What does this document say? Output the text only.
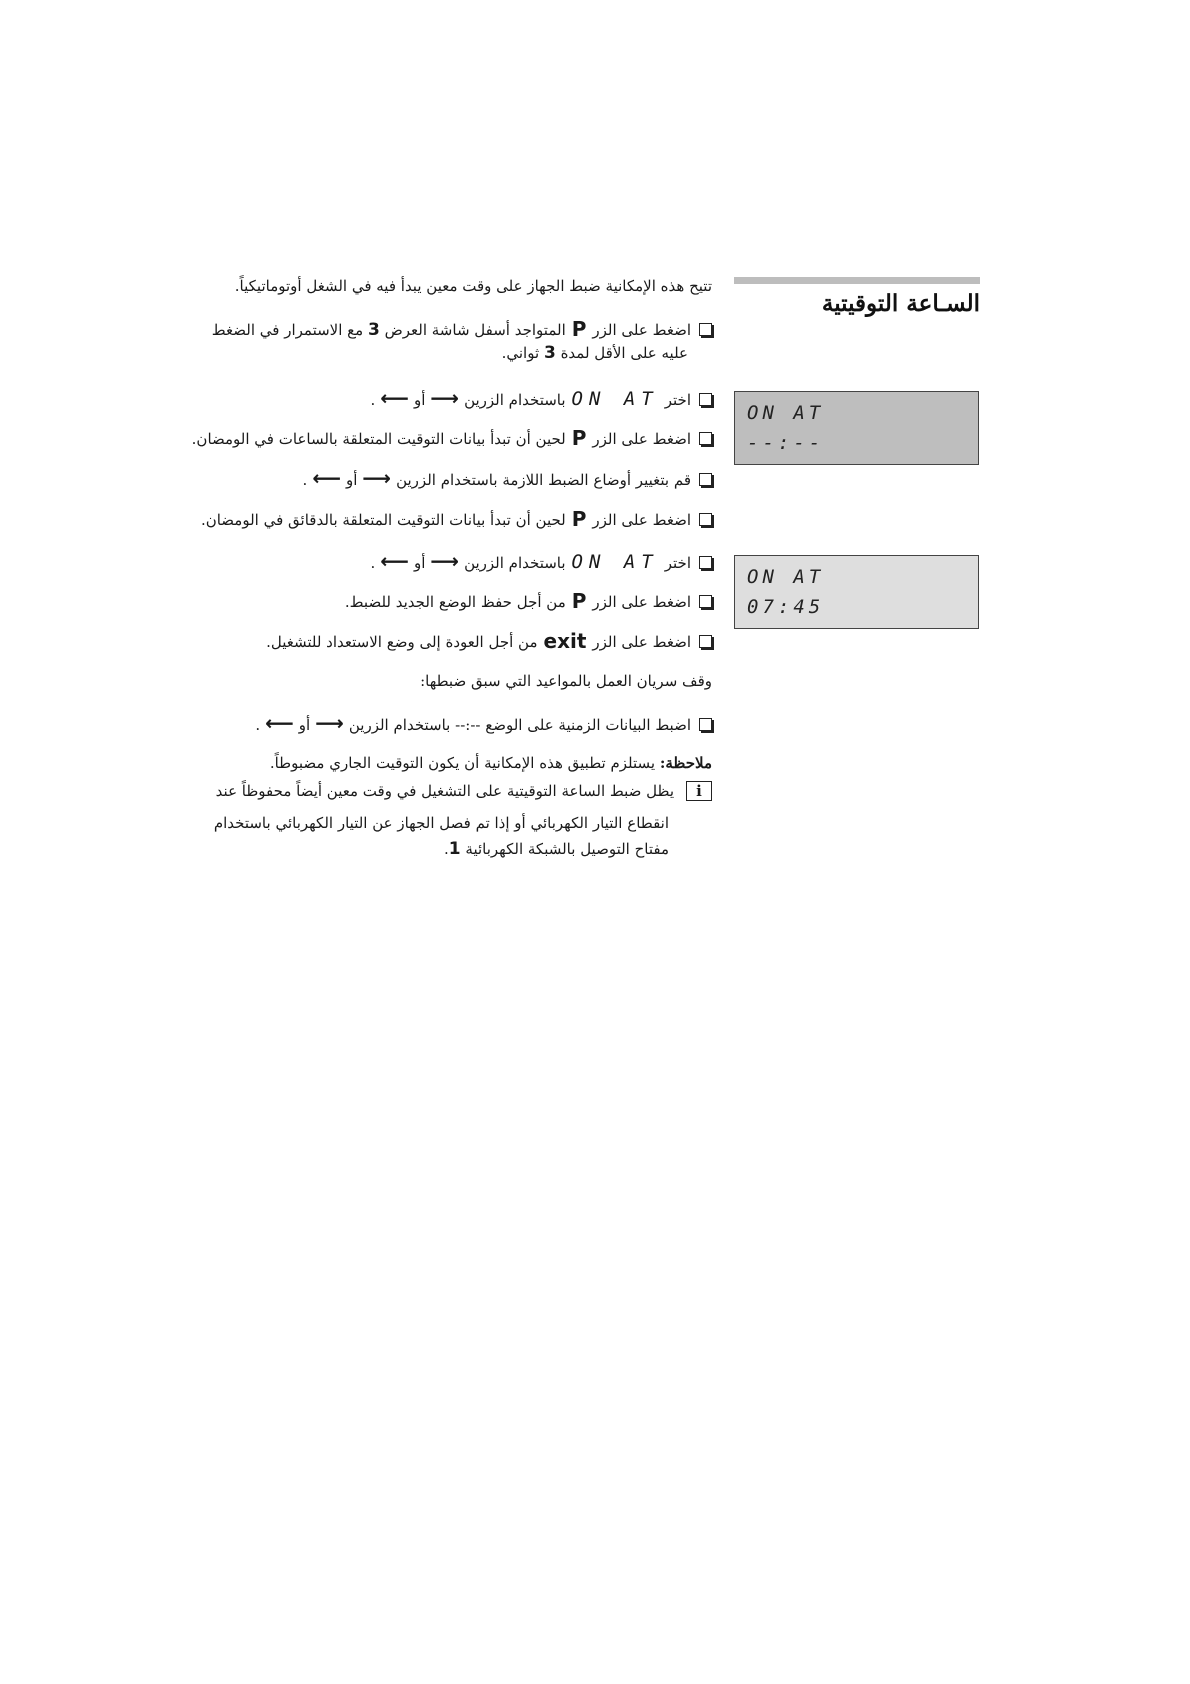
السـاعة التوقيتية
ON AT
--:--
ON AT
07:45
تتيح هذه الإمكانية ضبط الجهاز على وقت معين يبدأ فيه في الشغل أوتوماتيكياً.
اضغط على الزرPالمتواجد أسفل شاشة العرض 3 مع الاستمرار في الضغط
عليه على الأقل لمدة 3 ثواني.
اخترON ATباستخدام الزرين⟶أو⟵.
اضغط على الزرPلحين أن تبدأ بيانات التوقيت المتعلقة بالساعات في الومضان.
قم بتغيير أوضاع الضبط اللازمة باستخدام الزرين⟶أو⟵.
اضغط على الزرPلحين أن تبدأ بيانات التوقيت المتعلقة بالدقائق في الومضان.
اخترON ATباستخدام الزرين⟶أو⟵.
اضغط على الزرPمن أجل حفظ الوضع الجديد للضبط.
اضغط على الزرexitمن أجل العودة إلى وضع الاستعداد للتشغيل.
وقف سريان العمل بالمواعيد التي سبق ضبطها:
اضبط البيانات الزمنية على الوضع --:-- باستخدام الزرين⟶أو⟵.
ملاحظة: يستلزم تطبيق هذه الإمكانية أن يكون التوقيت الجاري مضبوطاً.
iيظل ضبط الساعة التوقيتية على التشغيل في وقت معين أيضاً محفوظاً عند
انقطاع التيار الكهربائي أو إذا تم فصل الجهاز عن التيار الكهربائي باستخدام
مفتاح التوصيل بالشبكة الكهربائية 1.
